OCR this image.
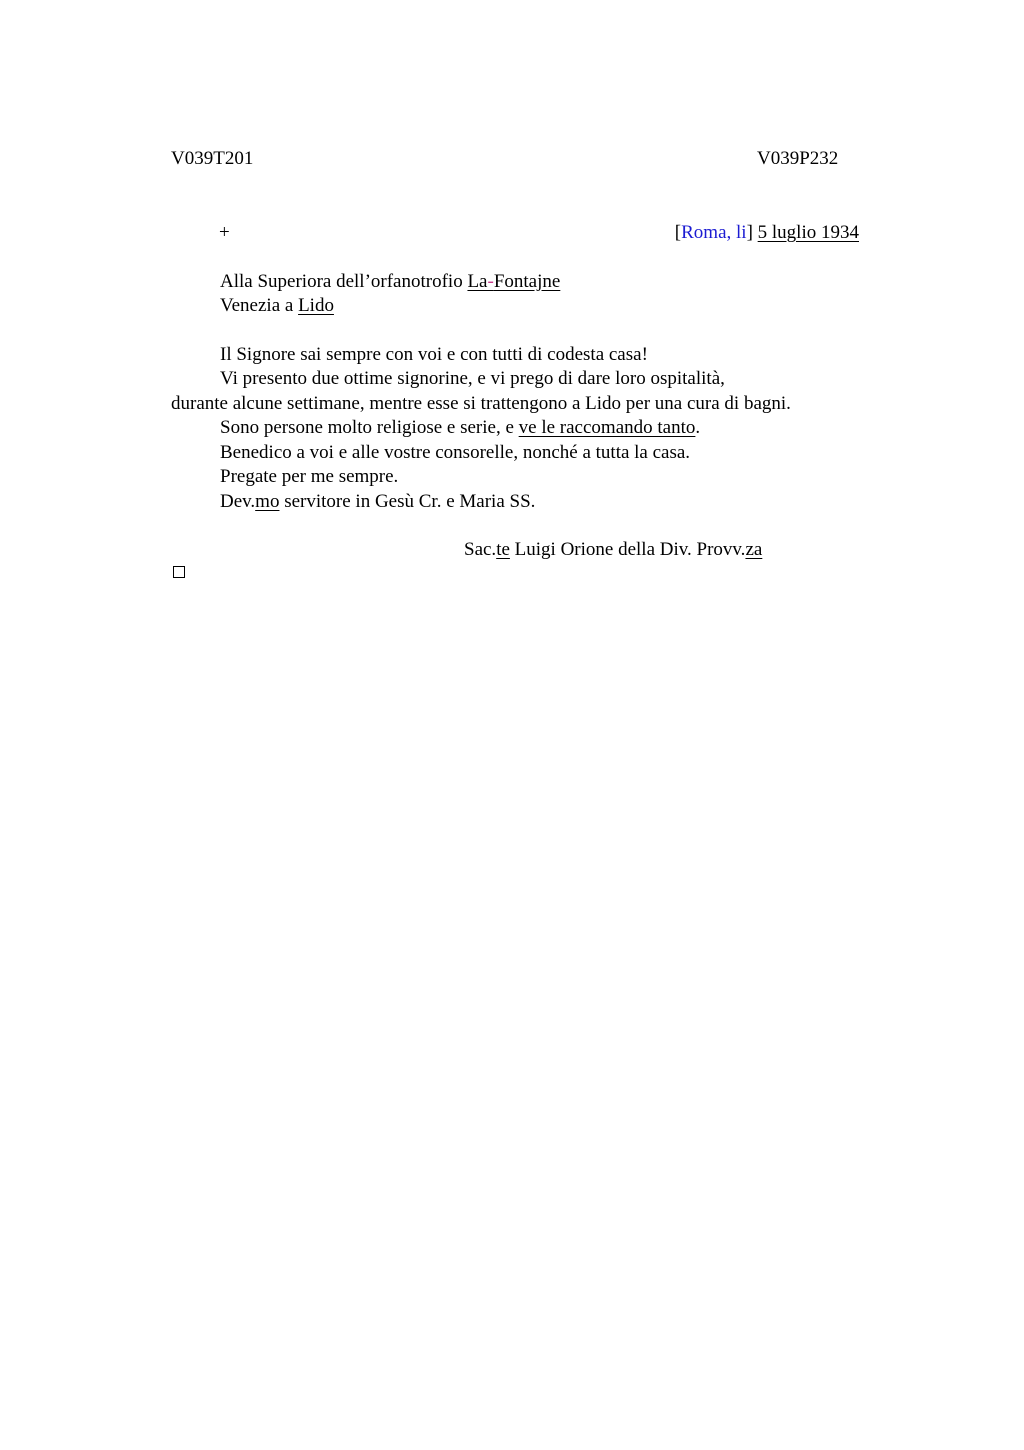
V039T201	V039P232
+	[Roma, li] 5 luglio 1934
Alla Superiora dell’orfanotrofio La-Fontajne
Venezia a Lido
Il Signore sai sempre con voi e con tutti di codesta casa!
Vi presento due ottime signorine, e vi prego di dare loro ospitalità,
durante alcune settimane, mentre esse si trattengono a Lido per una cura di bagni.
Sono persone molto religiose e serie, e ve le raccomando tanto.
Benedico a voi e alle vostre consorelle, nonché a tutta la casa.
Pregate per me sempre.
Dev.mo servitore in Gesù Cr. e Maria SS.
Sac.te Luigi Orione della Div. Provv.za
